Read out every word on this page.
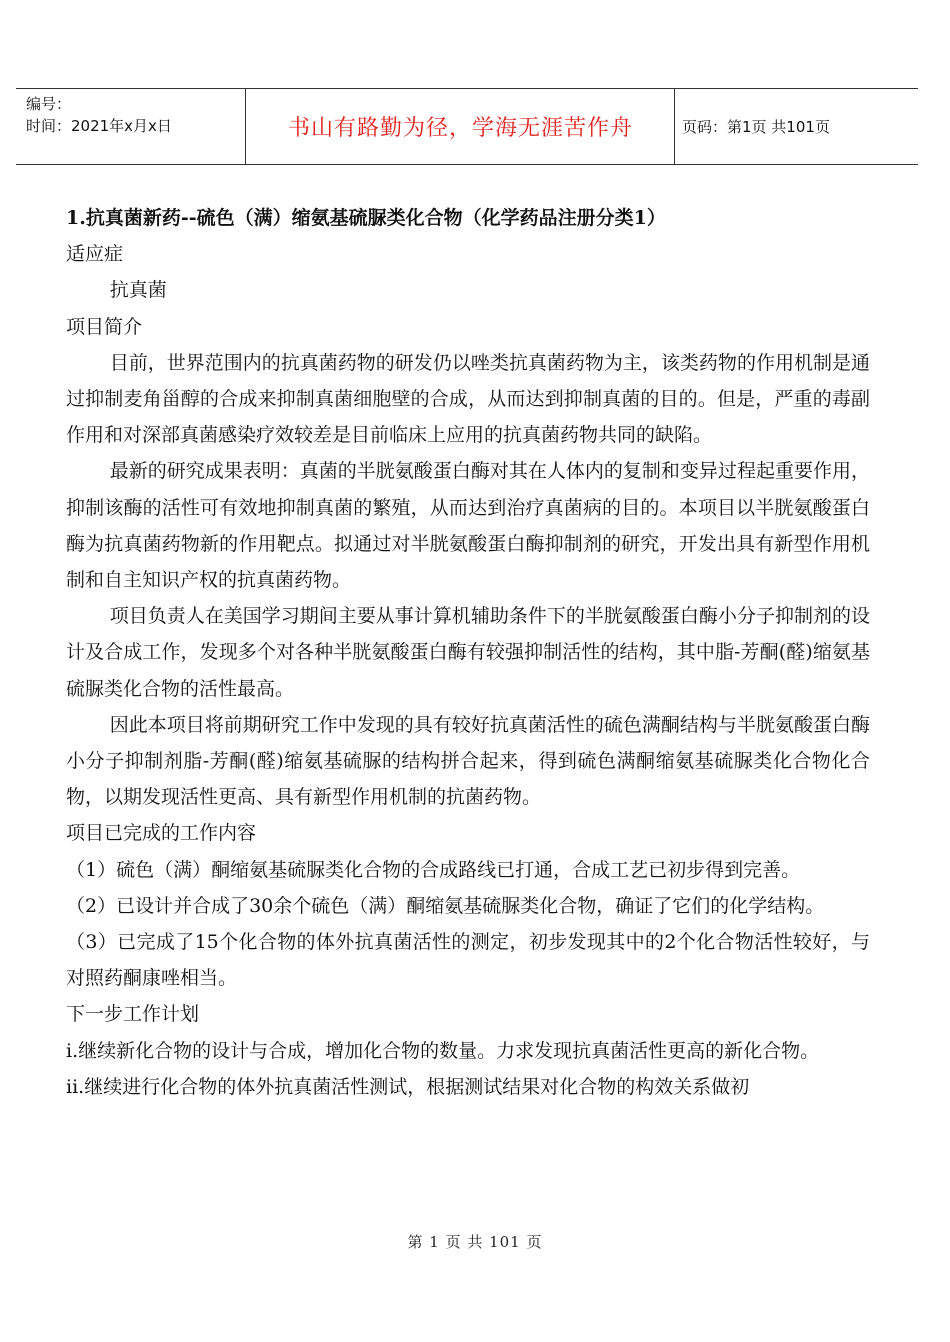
编号：
时间：2021年x月x日	书山有路勤为径，学海无涯苦作舟	页码：第1页 共101页

1.抗真菌新药--硫色（满）缩氨基硫脲类化合物（化学药品注册分类1）

适应症

抗真菌

项目简介

目前，世界范围内的抗真菌药物的研发仍以唑类抗真菌药物为主，该类药物的作用机制是通过抑制麦角甾醇的合成来抑制真菌细胞壁的合成，从而达到抑制真菌的目的。但是，严重的毒副作用和对深部真菌感染疗效较差是目前临床上应用的抗真菌药物共同的缺陷。

最新的研究成果表明：真菌的半胱氨酸蛋白酶对其在人体内的复制和变异过程起重要作用，抑制该酶的活性可有效地抑制真菌的繁殖，从而达到治疗真菌病的目的。本项目以半胱氨酸蛋白酶为抗真菌药物新的作用靶点。拟通过对半胱氨酸蛋白酶抑制剂的研究，开发出具有新型作用机制和自主知识产权的抗真菌药物。

项目负责人在美国学习期间主要从事计算机辅助条件下的半胱氨酸蛋白酶小分子抑制剂的设计及合成工作，发现多个对各种半胱氨酸蛋白酶有较强抑制活性的结构，其中脂-芳酮(醛)缩氨基硫脲类化合物的活性最高。

因此本项目将前期研究工作中发现的具有较好抗真菌活性的硫色满酮结构与半胱氨酸蛋白酶小分子抑制剂脂-芳酮(醛)缩氨基硫脲的结构拼合起来，得到硫色满酮缩氨基硫脲类化合物化合物，以期发现活性更高、具有新型作用机制的抗菌药物。

项目已完成的工作内容

（1）硫色（满）酮缩氨基硫脲类化合物的合成路线已打通，合成工艺已初步得到完善。

（2）已设计并合成了30余个硫色（满）酮缩氨基硫脲类化合物，确证了它们的化学结构。

（3）已完成了15个化合物的体外抗真菌活性的测定，初步发现其中的2个化合物活性较好，与对照药酮康唑相当。

下一步工作计划

i.继续新化合物的设计与合成，增加化合物的数量。力求发现抗真菌活性更高的新化合物。

ii.继续进行化合物的体外抗真菌活性测试，根据测试结果对化合物的构效关系做初

第 1 页 共 101 页
